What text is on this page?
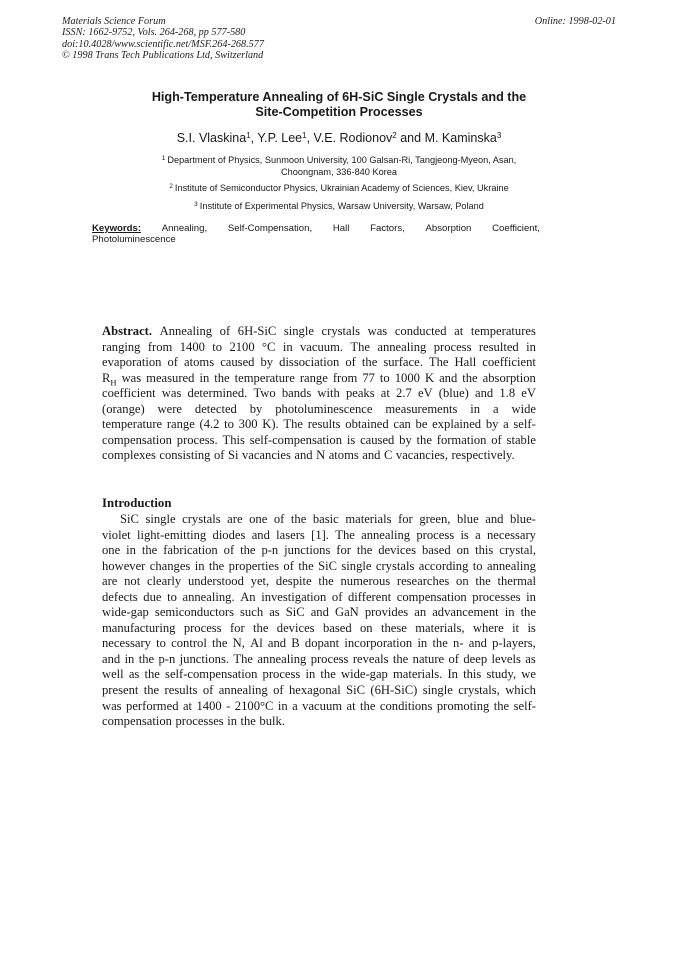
Materials Science Forum
ISSN: 1662-9752, Vols. 264-268, pp 577-580
doi:10.4028/www.scientific.net/MSF.264-268.577
© 1998 Trans Tech Publications Ltd, Switzerland
Online: 1998-02-01
High-Temperature Annealing of 6H-SiC Single Crystals and the
Site-Competition Processes
S.I. Vlaskina$^1$, Y.P. Lee$^1$, V.E. Rodionov$^2$ and M. Kaminska$^3$
$^1$ Department of Physics, Sunmoon University, 100 Galsan-Ri, Tangjeong-Myeon, Asan,
Choongnam, 336-840 Korea
$^2$ Institute of Semiconductor Physics, Ukrainian Academy of Sciences, Kiev, Ukraine
$^3$ Institute of Experimental Physics, Warsaw University, Warsaw, Poland
Keywords: Annealing, Self-Compensation, Hall Factors, Absorption Coefficient,
Photoluminescence
Abstract. Annealing of 6H-SiC single crystals was conducted at temperatures
ranging from 1400 to 2100 °C in vacuum. The annealing process resulted in
evaporation of atoms caused by dissociation of the surface. The Hall coefficient
$R_H$ was measured in the temperature range from 77 to 1000 K and the absorption
coefficient was determined. Two bands with peaks at 2.7 eV (blue) and 1.8 eV
(orange) were detected by photoluminescence measurements in a wide
temperature range (4.2 to 300 K). The results obtained can be explained by a self-
compensation process. This self-compensation is caused by the formation of stable
complexes consisting of Si vacancies and N atoms and C vacancies, respectively.
Introduction
SiC single crystals are one of the basic materials for green, blue and blue-
violet light-emitting diodes and lasers [1]. The annealing process is a necessary
one in the fabrication of the p-n junctions for the devices based on this crystal,
however changes in the properties of the SiC single crystals according to annealing
are not clearly understood yet, despite the numerous researches on the thermal
defects due to annealing. An investigation of different compensation processes in
wide-gap semiconductors such as SiC and GaN provides an advancement in the
manufacturing process for the devices based on these materials, where it is
necessary to control the N, Al and B dopant incorporation in the n- and p-layers,
and in the p-n junctions. The annealing process reveals the nature of deep levels as
well as the self-compensation process in the wide-gap materials. In this study, we
present the results of annealing of hexagonal SiC (6H-SiC) single crystals, which
was performed at 1400 - 2100°C in a vacuum at the conditions promoting the self-
compensation processes in the bulk.
